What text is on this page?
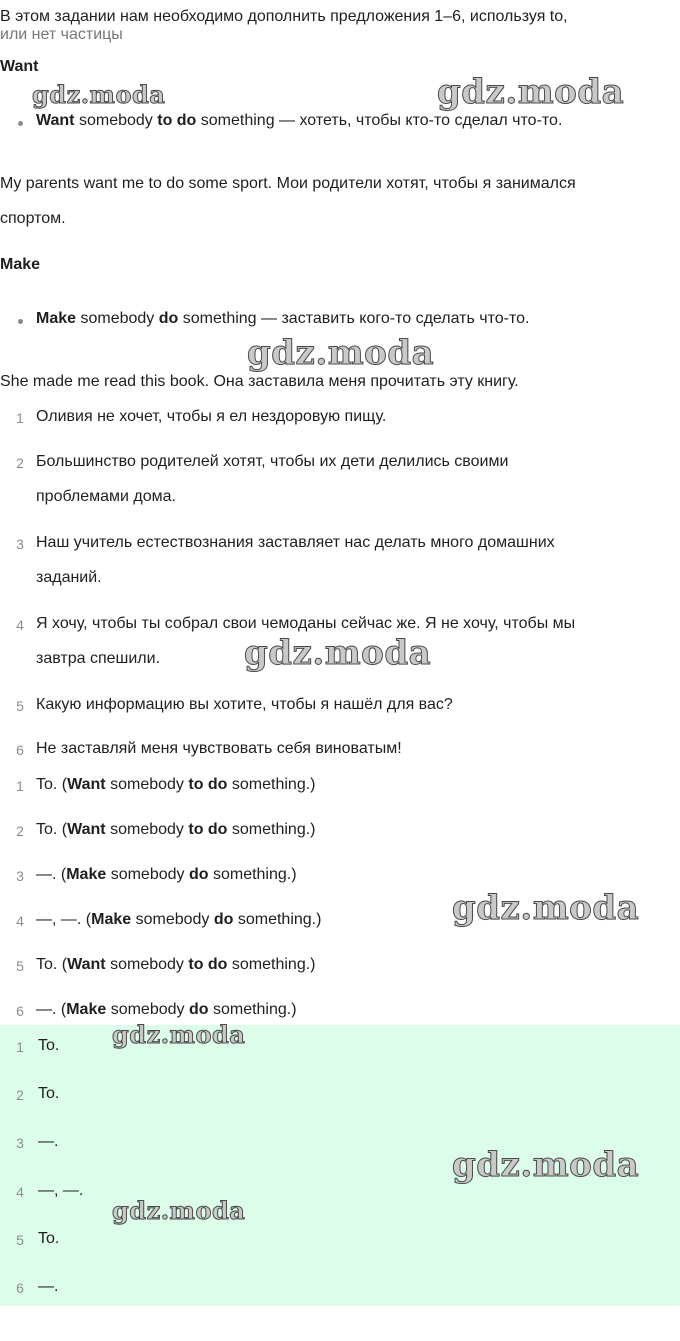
В этом задании нам необходимо дополнить предложения 1–6, используя to,
или нет частицы
Want
Want somebody to do something — хотеть, чтобы кто-то сделал что-то.
My parents want me to do some sport. Мои родители хотят, чтобы я занимался
спортом.
Make
Make somebody do something — заставить кого-то сделать что-то.
She made me read this book. Она заставила меня прочитать эту книгу.
1 Оливия не хочет, чтобы я ел нездоровую пищу.
2 Большинство родителей хотят, чтобы их дети делились своими
проблемами дома.
3 Наш учитель естествознания заставляет нас делать много домашних
заданий.
4 Я хочу, чтобы ты собрал свои чемоданы сейчас же. Я не хочу, чтобы мы
завтра спешили.
5 Какую информацию вы хотите, чтобы я нашёл для вас?
6 Не заставляй меня чувствовать себя виноватым!
1 To. (Want somebody to do something.)
2 To. (Want somebody to do something.)
3 —. (Make somebody do something.)
4 —, —. (Make somebody do something.)
5 To. (Want somebody to do something.)
6 —. (Make somebody do something.)
1 To.
2 To.
3 —.
4 —, —.
5 To.
6 —.
gdz.moda	gdz.moda
gdz.moda
gdz.moda
gdz.moda
gdz.moda
gdz.moda
gdz.moda
